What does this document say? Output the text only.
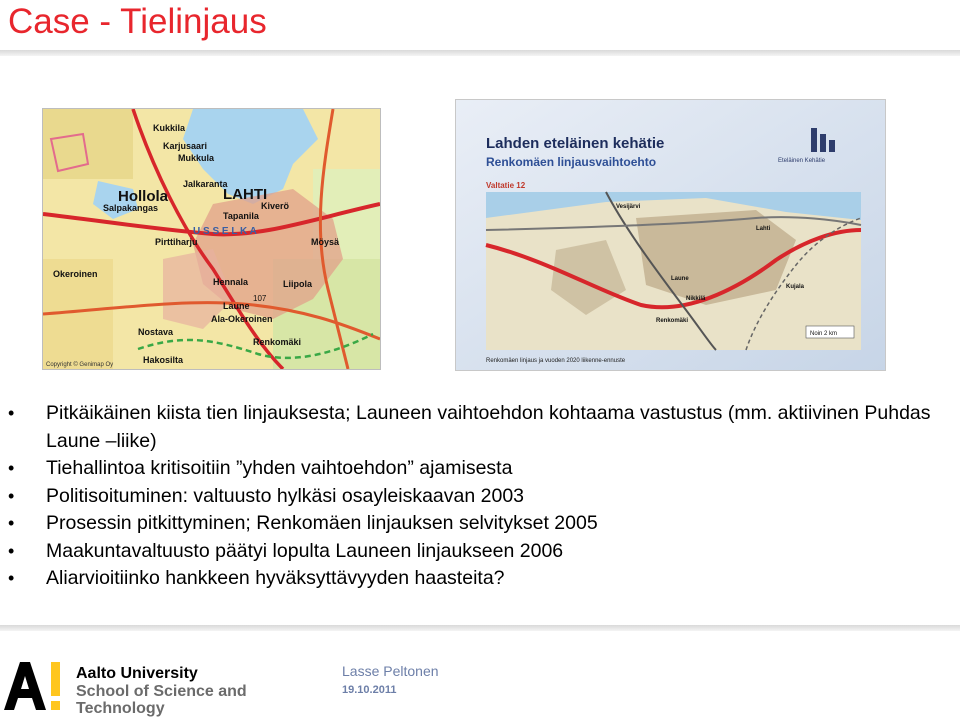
Case - Tielinjaus
Kukkila
Karjusaari
Mukkula
Jalkaranta
Kiverö
Salpakangas
Tapanila
Pirttiharju	Möysä
Okeroinen
Hennala	Liipola
Laune
Ala-Okeroinen
Renkomäki
Nostava
Hakosilta
Hollola	LAHTI
U S S E L K A
107
Copyright © Genimap Oy
Lahden eteläinen kehätie
Renkomäen linjausvaihtoehto
Valtatie 12
Eteläinen Kehätie
Vesijärvi
Lahti
Laune
Nikkilä
Renkomäki
Kujala
Noin 2 km
Renkomäen linjaus ja vuoden 2020 liikenne-ennuste
• Pitkäikäinen kiista tien linjauksesta; Launeen vaihtoehdon kohtaama vastustus (mm. aktiivinen Puhdas Laune –liike)
• Tiehallintoa kritisoitiin ”yhden vaihtoehdon” ajamisesta
• Politisoituminen: valtuusto hylkäsi osayleiskaavan 2003
• Prosessin pitkittyminen; Renkomäen linjauksen selvitykset 2005
• Maakuntavaltuusto päätyi lopulta Launeen linjaukseen 2006
• Aliarvioitiinko hankkeen hyväksyttävyyden haasteita?
Aalto University
School of Science and Technology
Lasse Peltonen
19.10.2011
